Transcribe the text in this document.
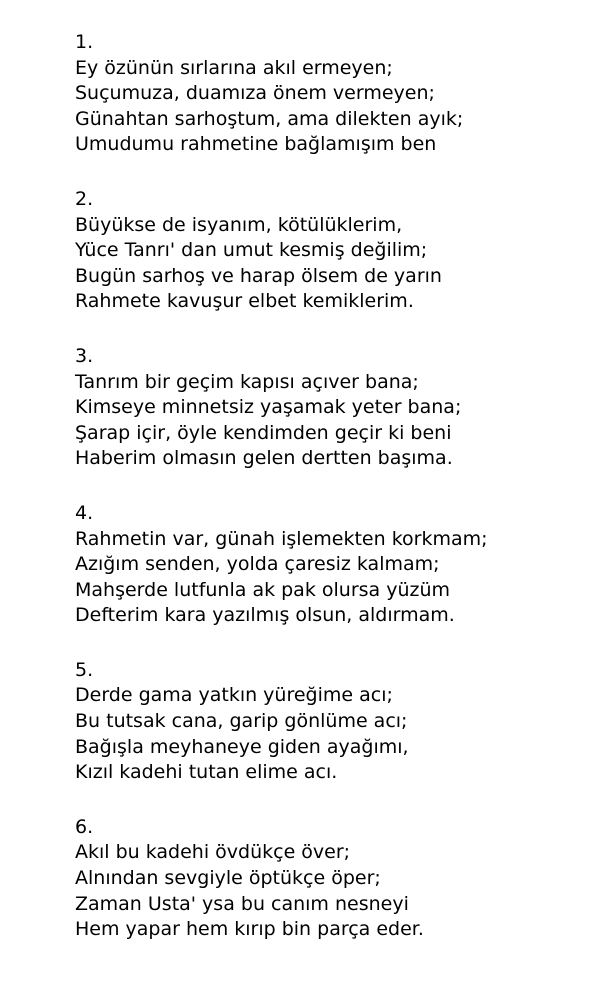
1.
Ey özünün sırlarına akıl ermeyen;
Suçumuza, duamıza önem vermeyen;
Günahtan sarhoştum, ama dilekten ayık;
Umudumu rahmetine bağlamışım ben
2.
Büyükse de isyanım, kötülüklerim,
Yüce Tanrı' dan umut kesmiş değilim;
Bugün sarhoş ve harap ölsem de yarın
Rahmete kavuşur elbet kemiklerim.
3.
Tanrım bir geçim kapısı açıver bana;
Kimseye minnetsiz yaşamak yeter bana;
Şarap içir, öyle kendimden geçir ki beni
Haberim olmasın gelen dertten başıma.
4.
Rahmetin var, günah işlemekten korkmam;
Azığım senden, yolda çaresiz kalmam;
Mahşerde lutfunla ak pak olursa yüzüm
Defterim kara yazılmış olsun, aldırmam.
5.
Derde gama yatkın yüreğime acı;
Bu tutsak cana, garip gönlüme acı;
Bağışla meyhaneye giden ayağımı,
Kızıl kadehi tutan elime acı.
6.
Akıl bu kadehi övdükçe över;
Alnından sevgiyle öptükçe öper;
Zaman Usta' ysa bu canım nesneyi
Hem yapar hem kırıp bin parça eder.
